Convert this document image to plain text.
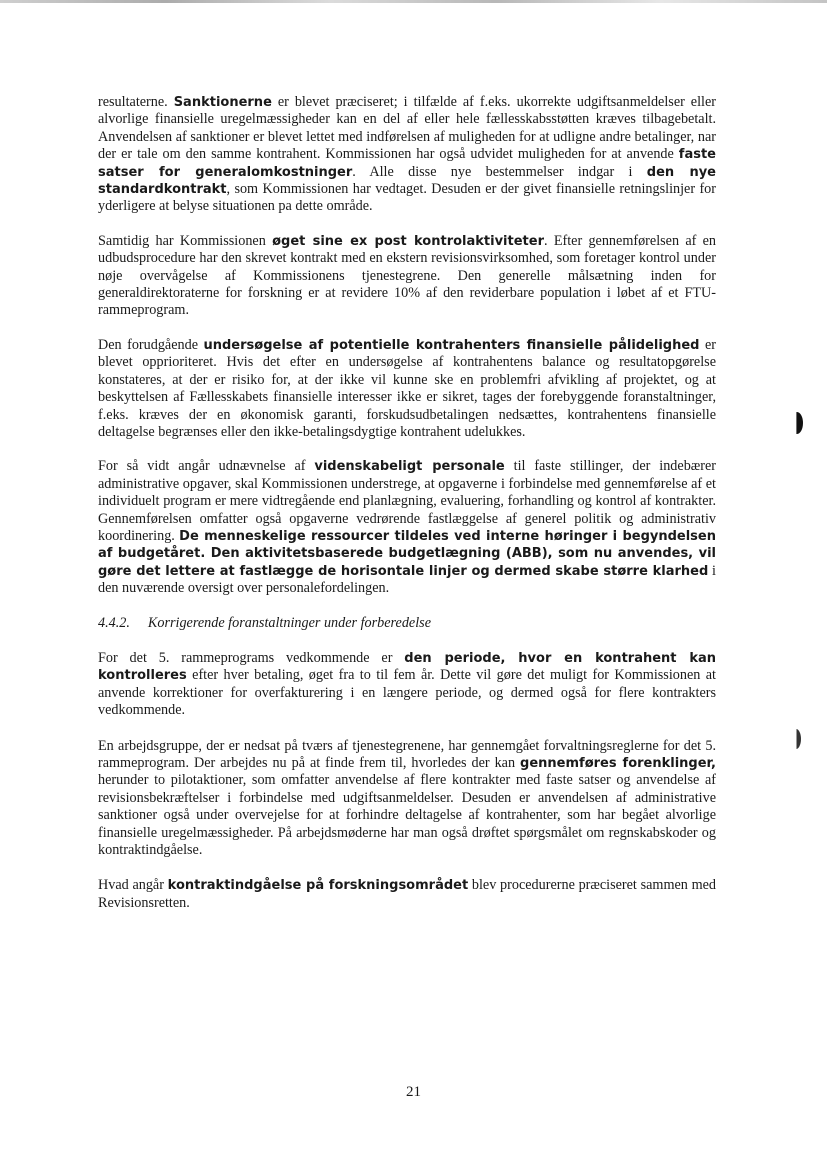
resultaterne. Sanktionerne er blevet præciseret; i tilfælde af f.eks. ukorrekte udgiftsanmeldelser eller alvorlige finansielle uregelmæssigheder kan en del af eller hele fællesskabsstøtten kræves tilbagebetalt. Anvendelsen af sanktioner er blevet lettet med indførelsen af muligheden for at udligne andre betalinger, nar der er tale om den samme kontrahent. Kommissionen har også udvidet muligheden for at anvende faste satser for generalomkostninger. Alle disse nye bestemmelser indgar i den nye standardkontrakt, som Kommissionen har vedtaget. Desuden er der givet finansielle retningslinjer for yderligere at belyse situationen pa dette område.

Samtidig har Kommissionen øget sine ex post kontrolaktiviteter. Efter gennemførelsen af en udbudsprocedure har den skrevet kontrakt med en ekstern revisionsvirksomhed, som foretager kontrol under nøje overvågelse af Kommissionens tjenestegrene. Den generelle målsætning inden for generaldirektoraterne for forskning er at revidere 10% af den reviderbare population i løbet af et FTU-rammeprogram.

Den forudgående undersøgelse af potentielle kontrahenters finansielle pålidelighed er blevet opprioriteret. Hvis det efter en undersøgelse af kontrahentens balance og resultatopgørelse konstateres, at der er risiko for, at der ikke vil kunne ske en problemfri afvikling af projektet, og at beskyttelsen af Fællesskabets finansielle interesser ikke er sikret, tages der forebyggende foranstaltninger, f.eks. kræves der en økonomisk garanti, forskudsudbetalingen nedsættes, kontrahentens finansielle deltagelse begrænses eller den ikke-betalingsdygtige kontrahent udelukkes.

For så vidt angår udnævnelse af videnskabeligt personale til faste stillinger, der indebærer administrative opgaver, skal Kommissionen understrege, at opgaverne i forbindelse med gennemførelse af et individuelt program er mere vidtregående end planlægning, evaluering, forhandling og kontrol af kontrakter. Gennemførelsen omfatter også opgaverne vedrørende fastlæggelse af generel politik og administrativ koordinering. De menneskelige ressourcer tildeles ved interne høringer i begyndelsen af budgetåret. Den aktivitetsbaserede budgetlægning (ABB), som nu anvendes, vil gøre det lettere at fastlægge de horisontale linjer og dermed skabe større klarhed i den nuværende oversigt over personalefordelingen.

4.4.2. Korrigerende foranstaltninger under forberedelse

For det 5. rammeprograms vedkommende er den periode, hvor en kontrahent kan kontrolleres efter hver betaling, øget fra to til fem år. Dette vil gøre det muligt for Kommissionen at anvende korrektioner for overfakturering i en længere periode, og dermed også for flere kontrakters vedkommende.

En arbejdsgruppe, der er nedsat på tværs af tjenestegrenene, har gennemgået forvaltningsreglerne for det 5. rammeprogram. Der arbejdes nu på at finde frem til, hvorledes der kan gennemføres forenklinger, herunder to pilotaktioner, som omfatter anvendelse af flere kontrakter med faste satser og anvendelse af revisionsbekræftelser i forbindelse med udgiftsanmeldelser. Desuden er anvendelsen af administrative sanktioner også under overvejelse for at forhindre deltagelse af kontrahenter, som har begået alvorlige finansielle uregelmæssigheder. På arbejdsmøderne har man også drøftet spørgsmålet om regnskabskoder og kontraktindgåelse.

Hvad angår kontraktindgåelse på forskningsområdet blev procedurerne præciseret sammen med Revisionsretten.

21
